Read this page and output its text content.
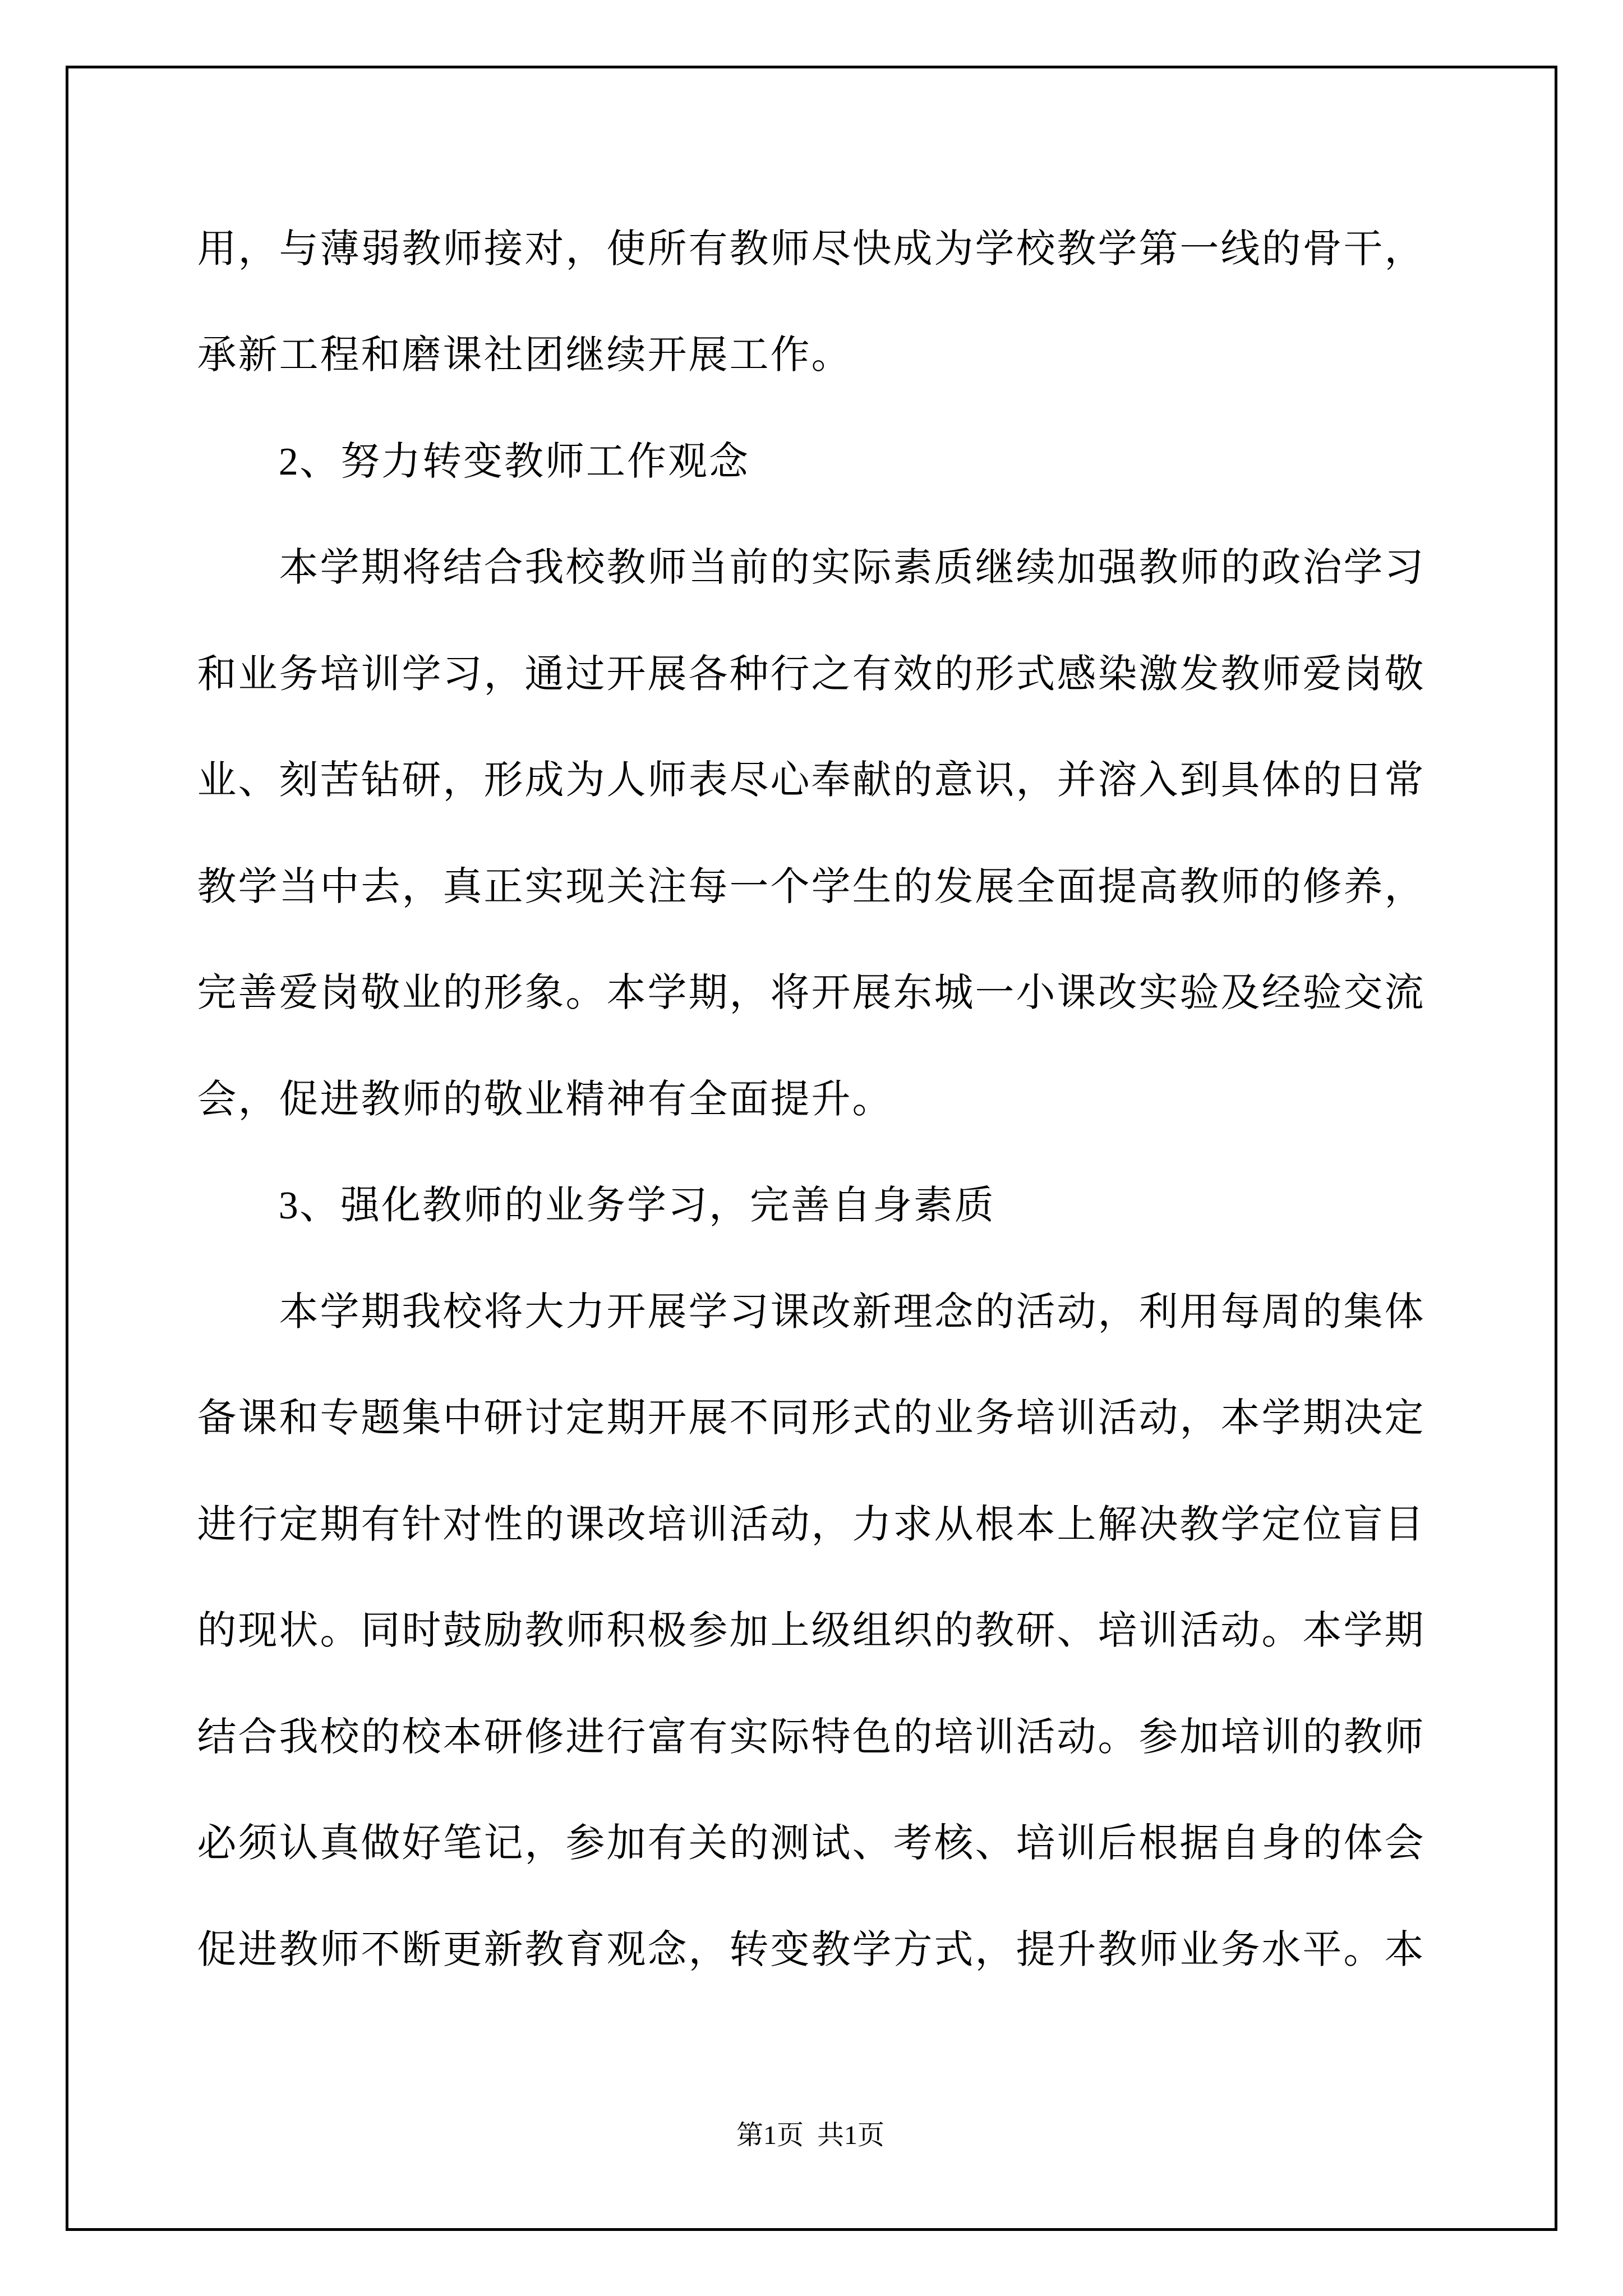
用 ， 与 薄 弱 教 师 接 对 ， 使 所 有 教 师 尽 快 成 为 学 校 教 学 第 一 线 的 骨 干 ，
承 新 工 程 和 磨 课 社 团 继 续 开 展 工 作 。
2 、 努 力 转 变 教 师 工 作 观 念
本 学 期 将 结 合 我 校 教 师 当 前 的 实 际 素 质 继 续 加 强 教 师 的 政 治 学 习
和 业 务 培 训 学 习 ， 通 过 开 展 各 种 行 之 有 效 的 形 式 感 染 激 发 教 师 爱 岗 敬
业 、 刻 苦 钻 研 ， 形 成 为 人 师 表 尽 心 奉 献 的 意 识 ， 并 溶 入 到 具 体 的 日 常
教 学 当 中 去 ， 真 正 实 现 关 注 每 一 个 学 生 的 发 展 全 面 提 高 教 师 的 修 养 ，
完 善 爱 岗 敬 业 的 形 象 。 本 学 期 ， 将 开 展 东 城 一 小 课 改 实 验 及 经 验 交 流
会 ， 促 进 教 师 的 敬 业 精 神 有 全 面 提 升 。
3 、 强 化 教 师 的 业 务 学 习 ， 完 善 自 身 素 质
本 学 期 我 校 将 大 力 开 展 学 习 课 改 新 理 念 的 活 动 ， 利 用 每 周 的 集 体
备 课 和 专 题 集 中 研 讨 定 期 开 展 不 同 形 式 的 业 务 培 训 活 动 ， 本 学 期 决 定
进 行 定 期 有 针 对 性 的 课 改 培 训 活 动 ， 力 求 从 根 本 上 解 决 教 学 定 位 盲 目
的 现 状 。 同 时 鼓 励 教 师 积 极 参 加 上 级 组 织 的 教 研 、 培 训 活 动 。 本 学 期
结 合 我 校 的 校 本 研 修 进 行 富 有 实 际 特 色 的 培 训 活 动 。 参 加 培 训 的 教 师
必 须 认 真 做 好 笔 记 ， 参 加 有 关 的 测 试 、 考 核 、 培 训 后 根 据 自 身 的 体 会
促 进 教 师 不 断 更 新 教 育 观 念 ， 转 变 教 学 方 式 ， 提 升 教 师 业 务 水 平 。 本
第1页  共1页
